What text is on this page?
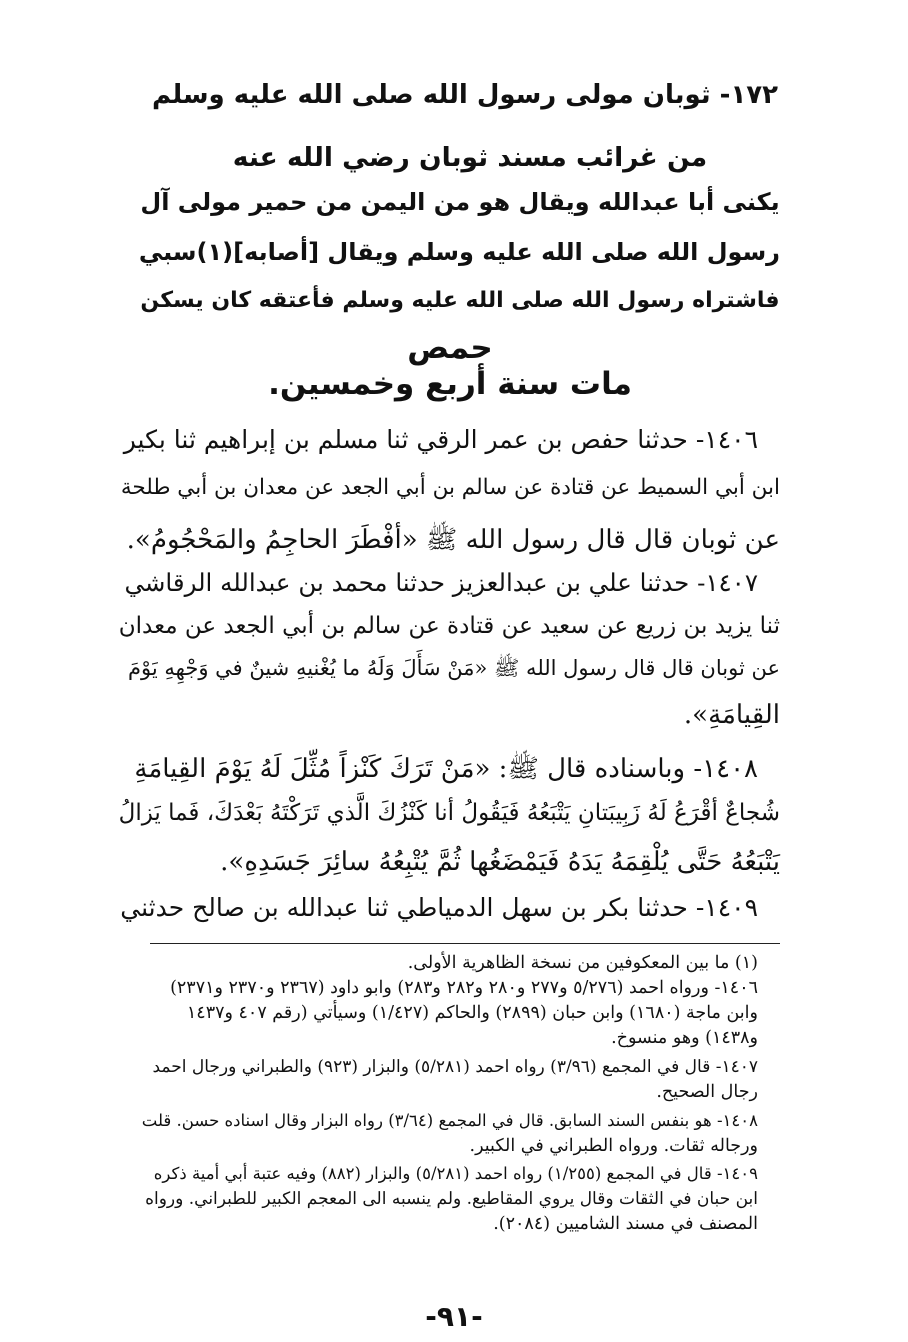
١٧٢- ثوبان مولى رسول الله صلى الله عليه وسلم
من غرائب مسند ثوبان رضي الله عنه
يكنى أبا عبدالله ويقال هو من اليمن من حمير مولى آل
رسول الله صلى الله عليه وسلم ويقال [أصابه](١)سبي
فاشتراه رسول الله صلى الله عليه وسلم فأعتقه كان يسكن
حمص
مات سنة أربع وخمسين.
١٤٠٦- حدثنا حفص بن عمر الرقي ثنا مسلم بن إبراهيم ثنا بكير
ابن أبي السميط عن قتادة عن سالم بن أبي الجعد عن معدان بن أبي طلحة
عن ثوبان قال قال رسول الله ﷺ «أفْطَرَ الحاجِمُ والمَحْجُومُ».
١٤٠٧- حدثنا علي بن عبدالعزيز حدثنا محمد بن عبدالله الرقاشي
ثنا يزيد بن زريع عن سعيد عن قتادة عن سالم بن أبي الجعد عن معدان
عن ثوبان قال قال رسول الله ﷺ «مَنْ سَأَلَ وَلَهُ ما يُغْنيهِ شينٌ في وَجْهِهِ يَوْمَ
القِيامَةِ».
١٤٠٨- وباسناده قال ﷺ: «مَنْ تَرَكَ كَنْزاً مُثِّلَ لَهُ يَوْمَ القِيامَةِ
شُجاعٌ أقْرَعُ لَهُ زَبِيبَتانِ يَتْبَعُهُ فَيَقُولُ أنا كَنْزُكَ الَّذي تَرَكْتَهُ بَعْدَكَ، فَما يَزالُ
يَتْبَعُهُ حَتَّى يُلْقِمَهُ يَدَهُ فَيَمْضَغُها ثُمَّ يُتْبِعُهُ سائِرَ جَسَدِهِ».
١٤٠٩- حدثنا بكر بن سهل الدمياطي ثنا عبدالله بن صالح حدثني
(١) ما بين المعكوفين من نسخة الظاهرية الأولى.
١٤٠٦- ورواه احمد (٥/٢٧٦ و٢٧٧ و٢٨٠ و٢٨٢ و٢٨٣) وابو داود (٢٣٦٧ و٢٣٧٠ و٢٣٧١)
وابن ماجة (١٦٨٠) وابن حبان (٢٨٩٩) والحاكم (١/٤٢٧) وسيأتي (رقم ٤٠٧ و١٤٣٧
و١٤٣٨) وهو منسوخ.
١٤٠٧- قال في المجمع (٣/٩٦) رواه احمد (٥/٢٨١) والبزار (٩٢٣) والطبراني ورجال احمد
رجال الصحيح.
١٤٠٨- هو بنفس السند السابق. قال في المجمع (٣/٦٤) رواه البزار وقال اسناده حسن. قلت
ورجاله ثقات. ورواه الطبراني في الكبير.
١٤٠٩- قال في المجمع (١/٢٥٥) رواه احمد (٥/٢٨١) والبزار (٨٨٢) وفيه عتبة أبي أمية ذكره
ابن حبان في الثقات وقال يروي المقاطيع. ولم ينسبه الى المعجم الكبير للطبراني. ورواه
المصنف في مسند الشاميين (٢٠٨٤).
-٩١-
